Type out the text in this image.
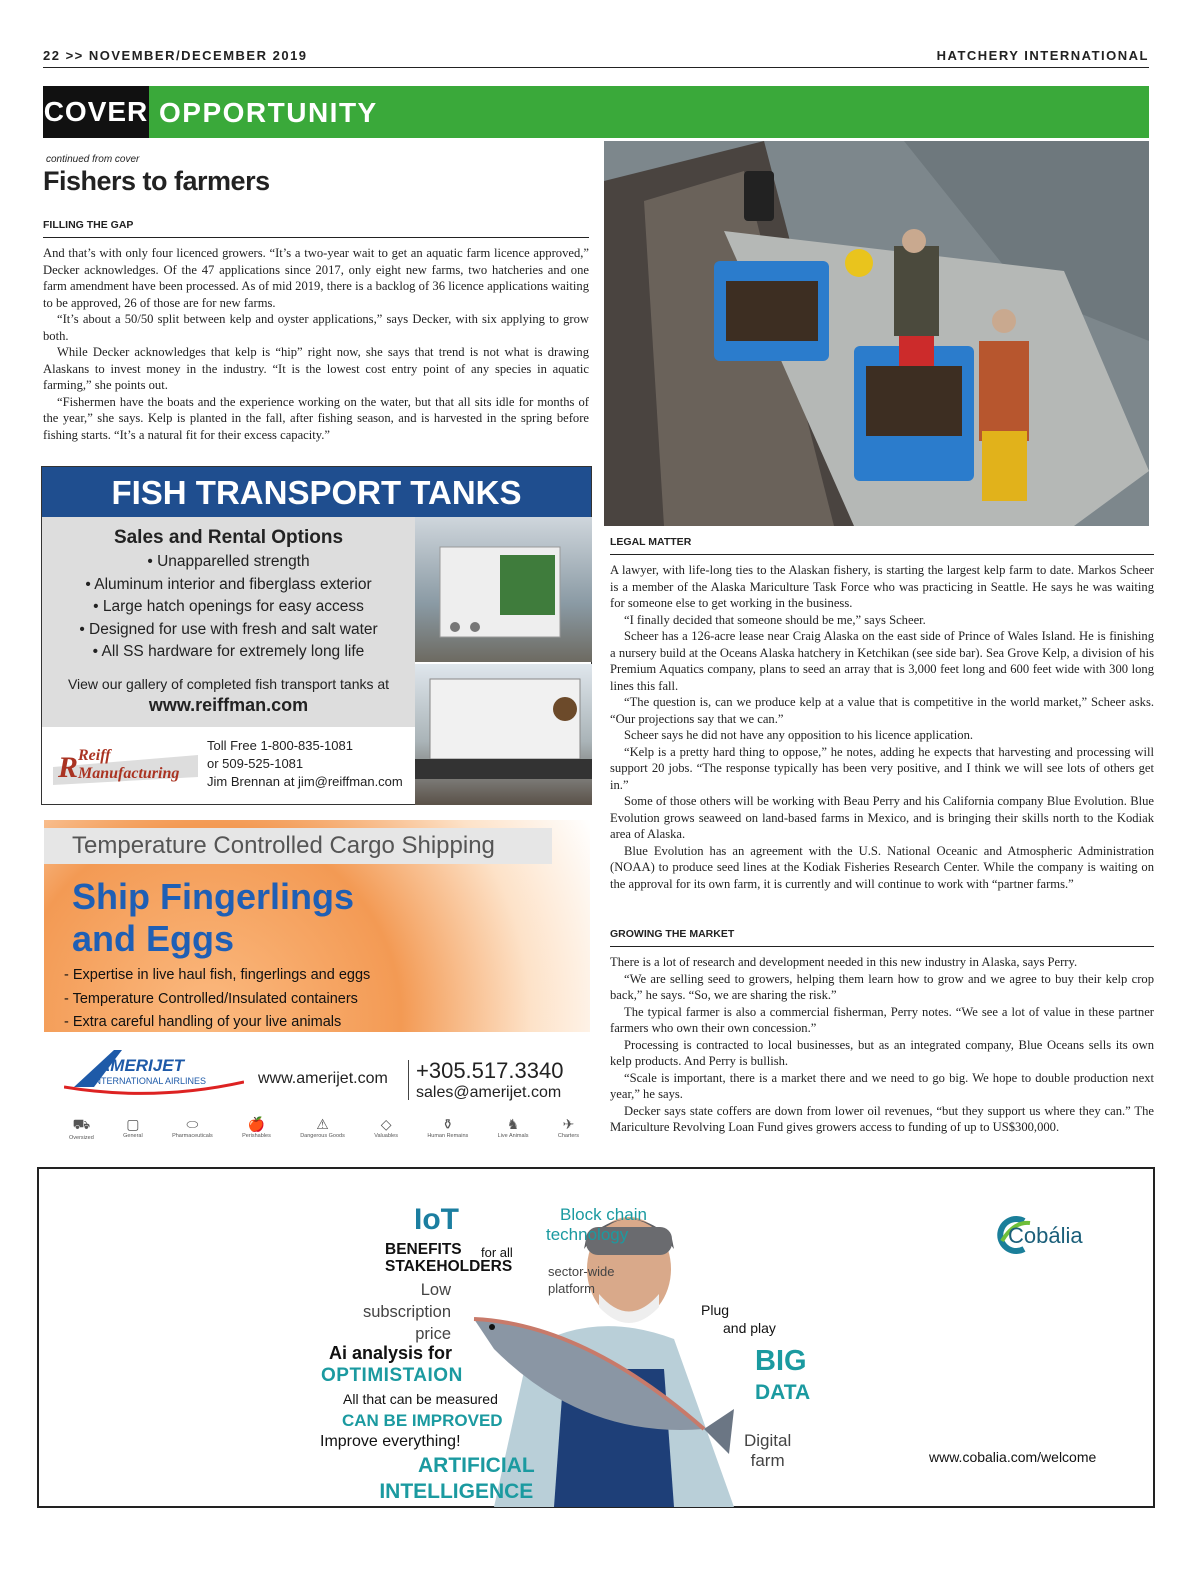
22 >> NOVEMBER/DECEMBER 2019	HATCHERY INTERNATIONAL
COVER OPPORTUNITY
continued from cover
Fishers to farmers
FILLING THE GAP

And that’s with only four licenced growers. “It’s a two-year wait to get an aquatic farm licence approved,” Decker acknowledges. Of the 47 applications since 2017, only eight new farms, two hatcheries and one farm amendment have been processed. As of mid 2019, there is a backlog of 36 licence applications waiting to be approved, 26 of those are for new farms.

“It’s about a 50/50 split between kelp and oyster applications,” says Decker, with six applying to grow both.

While Decker acknowledges that kelp is “hip” right now, she says that trend is not what is drawing Alaskans to invest money in the industry. “It is the lowest cost entry point of any species in aquatic farming,” she points out.

“Fishermen have the boats and the experience working on the water, but that all sits idle for months of the year,” she says. Kelp is planted in the fall, after fishing season, and is harvested in the spring before fishing starts. “It’s a natural fit for their excess capacity.”

LEGAL MATTER

A lawyer, with life-long ties to the Alaskan fishery, is starting the largest kelp farm to date. Markos Scheer is a member of the Alaska Mariculture Task Force who was practicing in Seattle. He says he was waiting for someone else to get working in the business.

“I finally decided that someone should be me,” says Scheer.

Scheer has a 126-acre lease near Craig Alaska on the east side of Prince of Wales Island. He is finishing a nursery build at the Oceans Alaska hatchery in Ketchikan (see side bar). Sea Grove Kelp, a division of his Premium Aquatics company, plans to seed an array that is 3,000 feet long and 600 feet wide with 300 long lines this fall.

“The question is, can we produce kelp at a value that is competitive in the world market,” Scheer asks. “Our projections say that we can.”

Scheer says he did not have any opposition to his licence application.

“Kelp is a pretty hard thing to oppose,” he notes, adding he expects that harvesting and processing will support 20 jobs. “The response typically has been very positive, and I think we will see lots of others get in.”

Some of those others will be working with Beau Perry and his California company Blue Evolution. Blue Evolution grows seaweed on land-based farms in Mexico, and is bringing their skills north to the Kodiak area of Alaska.

Blue Evolution has an agreement with the U.S. National Oceanic and Atmospheric Administration (NOAA) to produce seed lines at the Kodiak Fisheries Research Center. While the company is waiting on the approval for its own farm, it is currently and will continue to work with “partner farms.”

GROWING THE MARKET

There is a lot of research and development needed in this new industry in Alaska, says Perry.

“We are selling seed to growers, helping them learn how to grow and we agree to buy their kelp crop back,” he says. “So, we are sharing the risk.”

The typical farmer is also a commercial fisherman, Perry notes. “We see a lot of value in these partner farmers who own their own concession.”

Processing is contracted to local businesses, but as an integrated company, Blue Oceans sells its own kelp products. And Perry is bullish.

“Scale is important, there is a market there and we need to go big. We hope to double production next year,” he says.

Decker says state coffers are down from lower oil revenues, “but they support us where they can.” The Mariculture Revolving Loan Fund gives growers access to funding of up to US$300,000.

FISH TRANSPORT TANKS
Sales and Rental Options
• Unapparelled strength
• Aluminum interior and fiberglass exterior
• Large hatch openings for easy access
• Designed for use with fresh and salt water
• All SS hardware for extremely long life
View our gallery of completed fish transport tanks at
www.reiffman.com
R Reiff Manufacturing
Toll Free 1-800-835-1081
or 509-525-1081
Jim Brennan at jim@reiffman.com
Temperature Controlled Cargo Shipping
Ship Fingerlings
and Eggs
- Expertise in live haul fish, fingerlings and eggs
- Temperature Controlled/Insulated containers
- Extra careful handling of your live animals
AMERIJET
INTERNATIONAL AIRLINES	www.amerijet.com +305.517.3340
sales@amerijet.com
⛟
Oversized
▢
General
⬭
Pharmaceuticals
🍎
Perishables
⚠
Dangerous Goods
◇
Valuables
⚱
Human Remains
♞
Live Animals
✈
Charters
IoT
BENEFITS
STAKEHOLDERS
for all
Low
subscription
price
Ai analysis for
OPTIMISTAION
All that can be measured
CAN BE IMPROVED
Improve everything!
ARTIFICIAL
INTELLIGENCE
Block chain
technology
sector-wide
platform
Plug
and play
BIG
DATA
Digital
farm
Cobália
www.cobalia.com/welcome
